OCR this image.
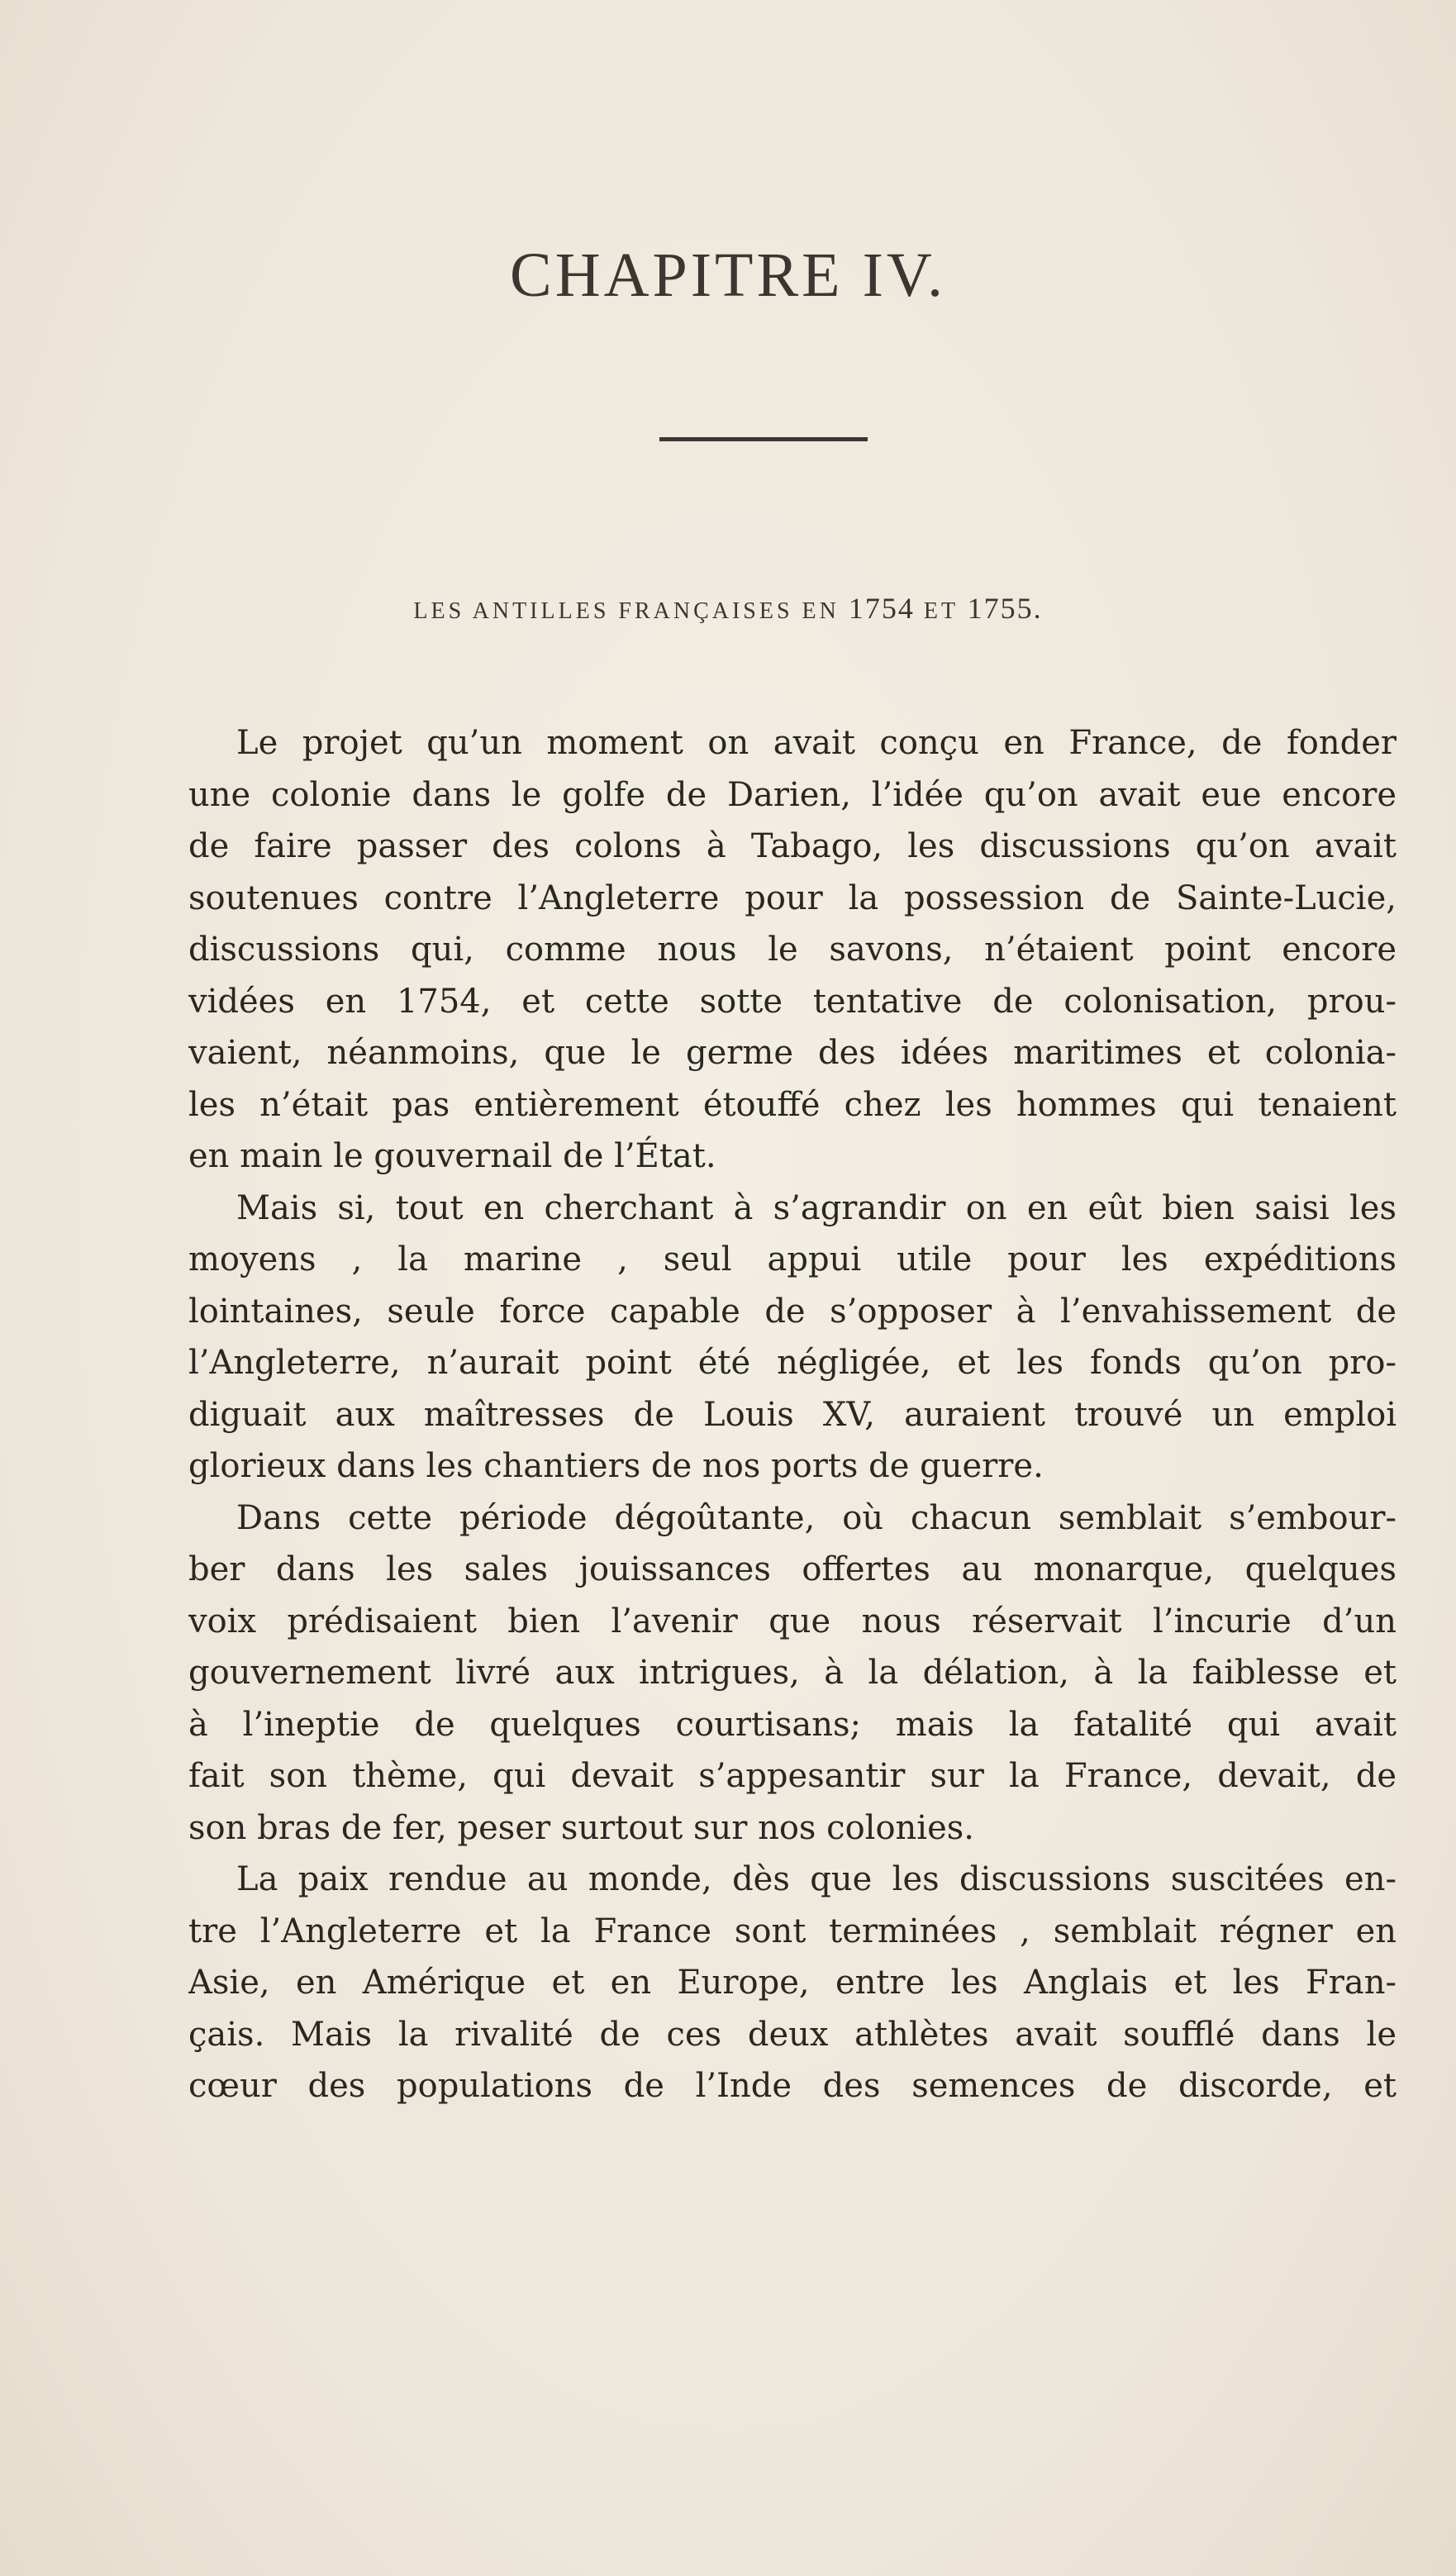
CHAPITRE IV.
LES ANTILLES FRANÇAISES EN 1754 ET 1755.
Le projet qu’un moment on avait conçu en France, de fonder
une colonie dans le golfe de Darien, l’idée qu’on avait eue encore
de faire passer des colons à Tabago, les discussions qu’on avait
soutenues contre l’Angleterre pour la possession de Sainte-Lucie,
discussions qui, comme nous le savons, n’étaient point encore
vidées en 1754, et cette sotte tentative de colonisation, prou-
vaient, néanmoins, que le germe des idées maritimes et colonia-
les n’était pas entièrement étouffé chez les hommes qui tenaient
en main le gouvernail de l’État.
Mais si, tout en cherchant à s’agrandir on en eût bien saisi les
moyens , la marine , seul appui utile pour les expéditions
lointaines, seule force capable de s’opposer à l’envahissement de
l’Angleterre, n’aurait point été négligée, et les fonds qu’on pro-
diguait aux maîtresses de Louis XV, auraient trouvé un emploi
glorieux dans les chantiers de nos ports de guerre.
Dans cette période dégoûtante, où chacun semblait s’embour-
ber dans les sales jouissances offertes au monarque, quelques
voix prédisaient bien l’avenir que nous réservait l’incurie d’un
gouvernement livré aux intrigues, à la délation, à la faiblesse et
à l’ineptie de quelques courtisans; mais la fatalité qui avait
fait son thème, qui devait s’appesantir sur la France, devait, de
son bras de fer, peser surtout sur nos colonies.
La paix rendue au monde, dès que les discussions suscitées en-
tre l’Angleterre et la France sont terminées , semblait régner en
Asie, en Amérique et en Europe, entre les Anglais et les Fran-
çais. Mais la rivalité de ces deux athlètes avait soufflé dans le
cœur des populations de l’Inde des semences de discorde, et
